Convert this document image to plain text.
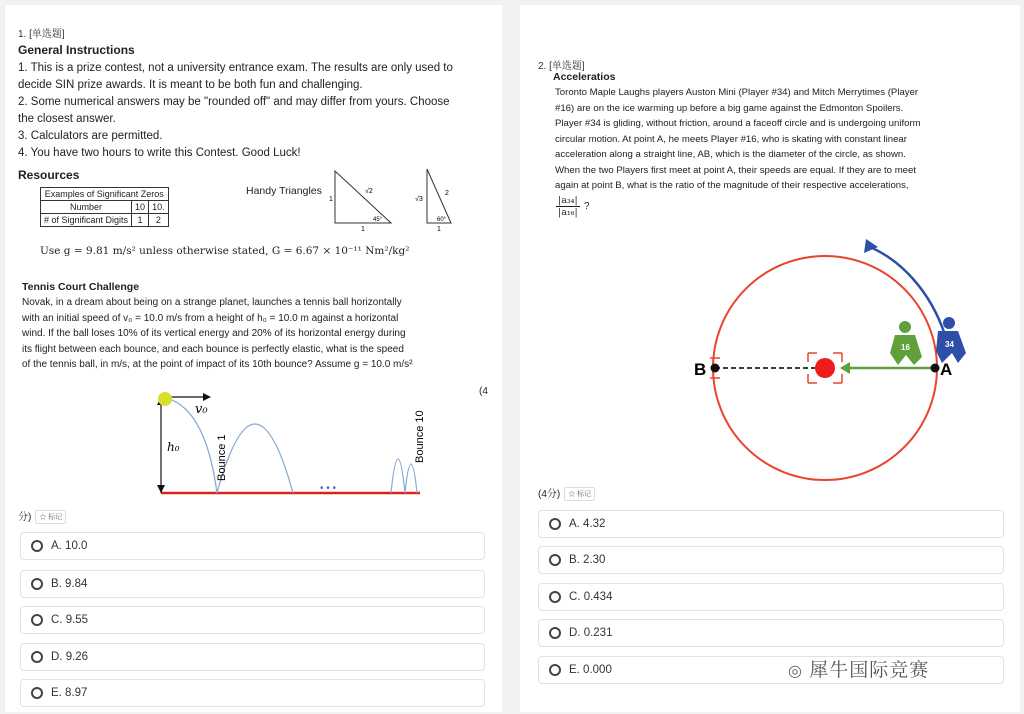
1. [单选题]
General Instructions
1. This is a prize contest, not a university entrance exam. The results are only used to
decide SIN prize awards. It is meant to be both fun and challenging.
2. Some numerical answers may be "rounded off" and may differ from yours. Choose
the closest answer.
3. Calculators are permitted.
4. You have two hours to write this Contest. Good Luck!
Resources
Examples of Significant Zeros		
Number	10	10.
# of Significant Digits	1	2
Handy Triangles	√2
1
1
45°
2
√3
1
60°
Use g = 9.81 m/s² unless otherwise stated, G = 6.67 × 10⁻¹¹ Nm²/kg²
Tennis Court Challenge
Novak, in a dream about being on a strange planet, launches a tennis ball horizontally
with an initial speed of v₀ = 10.0 m/s from a height of h₀ = 10.0 m against a horizontal
wind. If the ball loses 10% of its vertical energy and 20% of its horizontal energy during
its flight between each bounce, and each bounce is perfectly elastic, what is the speed
of the tennis ball, in m/s, at the point of impact of its 10th bounce? Assume g = 10.0 m/s²
(4
v₀
h₀	Bounce 1	Bounce 10
• • •
分) ☆ 标记
A. 10.0
B. 9.84
C. 9.55
D. 9.26
E. 8.97
2. [单选题]
Acceleratios
Toronto Maple Laughs players Auston Mini (Player #34) and Mitch Merrytimes (Player
#16) are on the ice warming up before a big game against the Edmonton Spoilers.
Player #34 is gliding, without friction, around a faceoff circle and is undergoing uniform
circular motion. At point A, he meets Player #16, who is skating with constant linear
acceleration along a straight line, AB, which is the diameter of the circle, as shown.
When the two Players first meet at point A, their speeds are equal. If they are to meet
again at point B, what is the ratio of the magnitude of their respective accelerations,
$\frac{\text{|a₃₄|}}{\text{|a₁₆|}}$ ?
B	A
34
16
(4分) ☆ 标记
A. 4.32
B. 2.30
C. 0.434
D. 0.231
E. 0.000	◎ 犀牛国际竞赛
